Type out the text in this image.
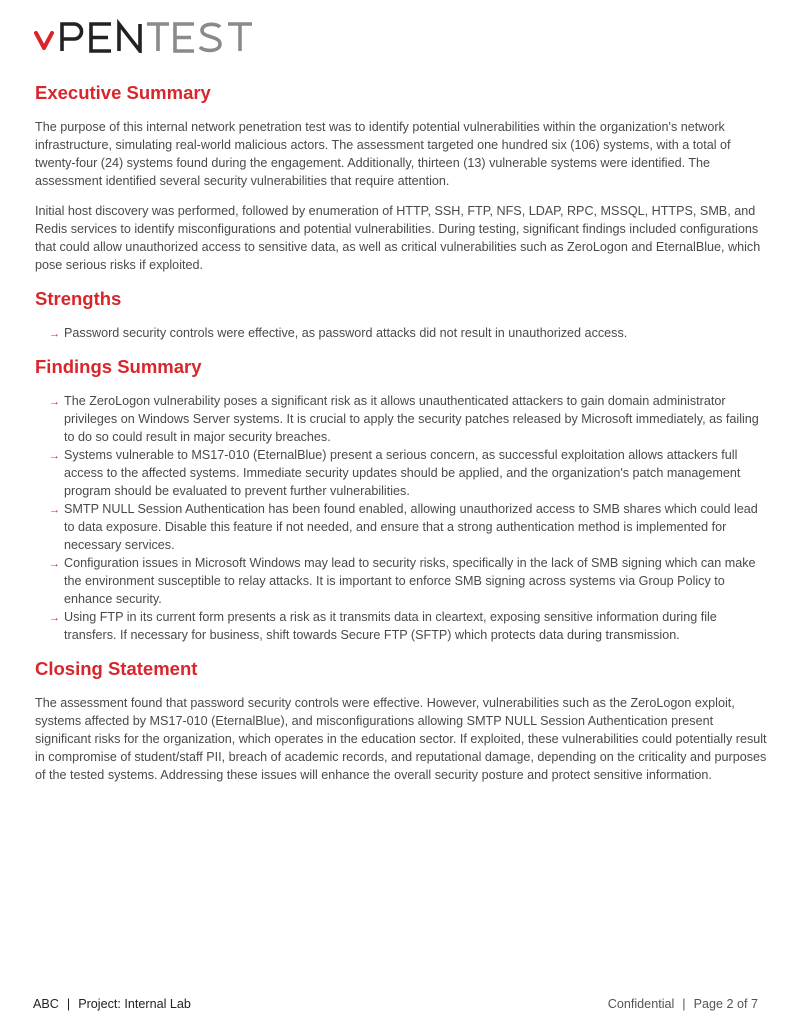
Executive Summary

The purpose of this internal network penetration test was to identify potential vulnerabilities within the organization's network infrastructure, simulating real-world malicious actors. The assessment targeted one hundred six (106) systems, with a total of twenty-four (24) systems found during the engagement. Additionally, thirteen (13) vulnerable systems were identified. The assessment identified several security vulnerabilities that require attention.

Initial host discovery was performed, followed by enumeration of HTTP, SSH, FTP, NFS, LDAP, RPC, MSSQL, HTTPS, SMB, and Redis services to identify misconfigurations and potential vulnerabilities. During testing, significant findings included configurations that could allow unauthorized access to sensitive data, as well as critical vulnerabilities such as ZeroLogon and EternalBlue, which pose serious risks if exploited.

Strengths
→ Password security controls were effective, as password attacks did not result in unauthorized access.
Findings Summary
→ The ZeroLogon vulnerability poses a significant risk as it allows unauthenticated attackers to gain domain administrator privileges on Windows Server systems. It is crucial to apply the security patches released by Microsoft immediately, as failing to do so could result in major security breaches.
→ Systems vulnerable to MS17-010 (EternalBlue) present a serious concern, as successful exploitation allows attackers full access to the affected systems. Immediate security updates should be applied, and the organization's patch management program should be evaluated to prevent further vulnerabilities.
→ SMTP NULL Session Authentication has been found enabled, allowing unauthorized access to SMB shares which could lead to data exposure. Disable this feature if not needed, and ensure that a strong authentication method is implemented for necessary services.
→ Configuration issues in Microsoft Windows may lead to security risks, specifically in the lack of SMB signing which can make the environment susceptible to relay attacks. It is important to enforce SMB signing across systems via Group Policy to enhance security.
→ Using FTP in its current form presents a risk as it transmits data in cleartext, exposing sensitive information during file transfers. If necessary for business, shift towards Secure FTP (SFTP) which protects data during transmission.
Closing Statement

The assessment found that password security controls were effective. However, vulnerabilities such as the ZeroLogon exploit, systems affected by MS17-010 (EternalBlue), and misconfigurations allowing SMTP NULL Session Authentication present significant risks for the organization, which operates in the education sector. If exploited, these vulnerabilities could potentially result in compromise of student/staff PII, breach of academic records, and reputational damage, depending on the criticality and purposes of the tested systems. Addressing these issues will enhance the overall security posture and protect sensitive information.

ABC | Project: Internal Lab	Confidential | Page 2 of 7
